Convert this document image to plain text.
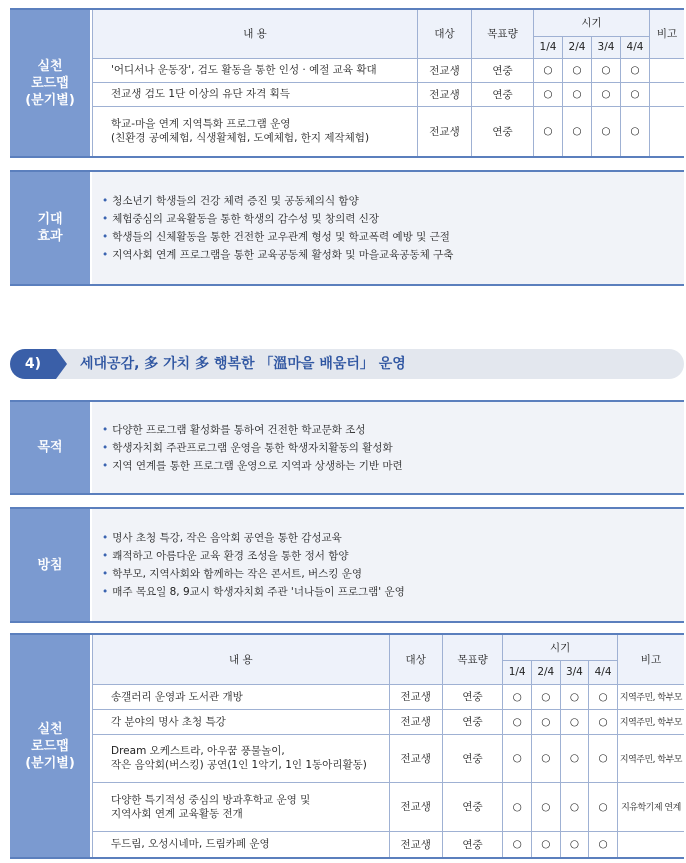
실천
로드맵
(분기별)
내 용	대상	목표량	시기				비고
			1/4	2/4	3/4	4/4	
'어디서나 운동장', 검도 활동을 통한 인성 · 예절 교육 확대	전교생	연중	○	○	○	○	
전교생 검도 1단 이상의 유단 자격 획득	전교생	연중	○	○	○	○	
학교-마을 연계 지역특화 프로그램 운영
(친환경 공예체험, 식생활체험, 도예체험, 한지 제작체험)	전교생	연중	○	○	○	○	
기대
효과
• 청소년기 학생들의 건강 체력 증진 및 공동체의식 함양
• 체험중심의 교육활동을 통한 학생의 감수성 및 창의력 신장
• 학생들의 신체활동을 통한 건전한 교우관계 형성 및 학교폭력 예방 및 근절
• 지역사회 연계 프로그램을 통한 교육공동체 활성화 및 마을교육공동체 구축
4)	세대공감, 多 가치 多 행복한 「溫마을 배움터」 운영
목적
• 다양한 프로그램 활성화를 통하여 건전한 학교문화 조성
• 학생자치회 주관프로그램 운영을 통한 학생자치활동의 활성화
• 지역 연계를 통한 프로그램 운영으로 지역과 상생하는 기반 마련
방침
• 명사 초청 특강, 작은 음악회 공연을 통한 감성교육
• 쾌적하고 아름다운 교육 환경 조성을 통한 정서 함양
• 학부모, 지역사회와 함께하는 작은 콘서트, 버스킹 운영
• 매주 목요일 8, 9교시 학생자치회 주관 '너나들이 프로그램' 운영
실천
로드맵
(분기별)
내 용	대상	목표량	시기				비고
			1/4	2/4	3/4	4/4	
송갤러리 운영과 도서관 개방	전교생	연중	○	○	○	○	지역주민, 학부모
각 분야의 명사 초청 특강	전교생	연중	○	○	○	○	지역주민, 학부모
Dream 오케스트라, 아우꿈 풍물놀이,
작은 음악회(버스킹) 공연(1인 1악기, 1인 1동아리활동)	전교생	연중	○	○	○	○	지역주민, 학부모
다양한 특기적성 중심의 방과후학교 운영 및
지역사회 연계 교육활동 전개	전교생	연중	○	○	○	○	지유학기제 연계
두드림, 오성시네마, 드림카페 운영	전교생	연중	○	○	○	○	
